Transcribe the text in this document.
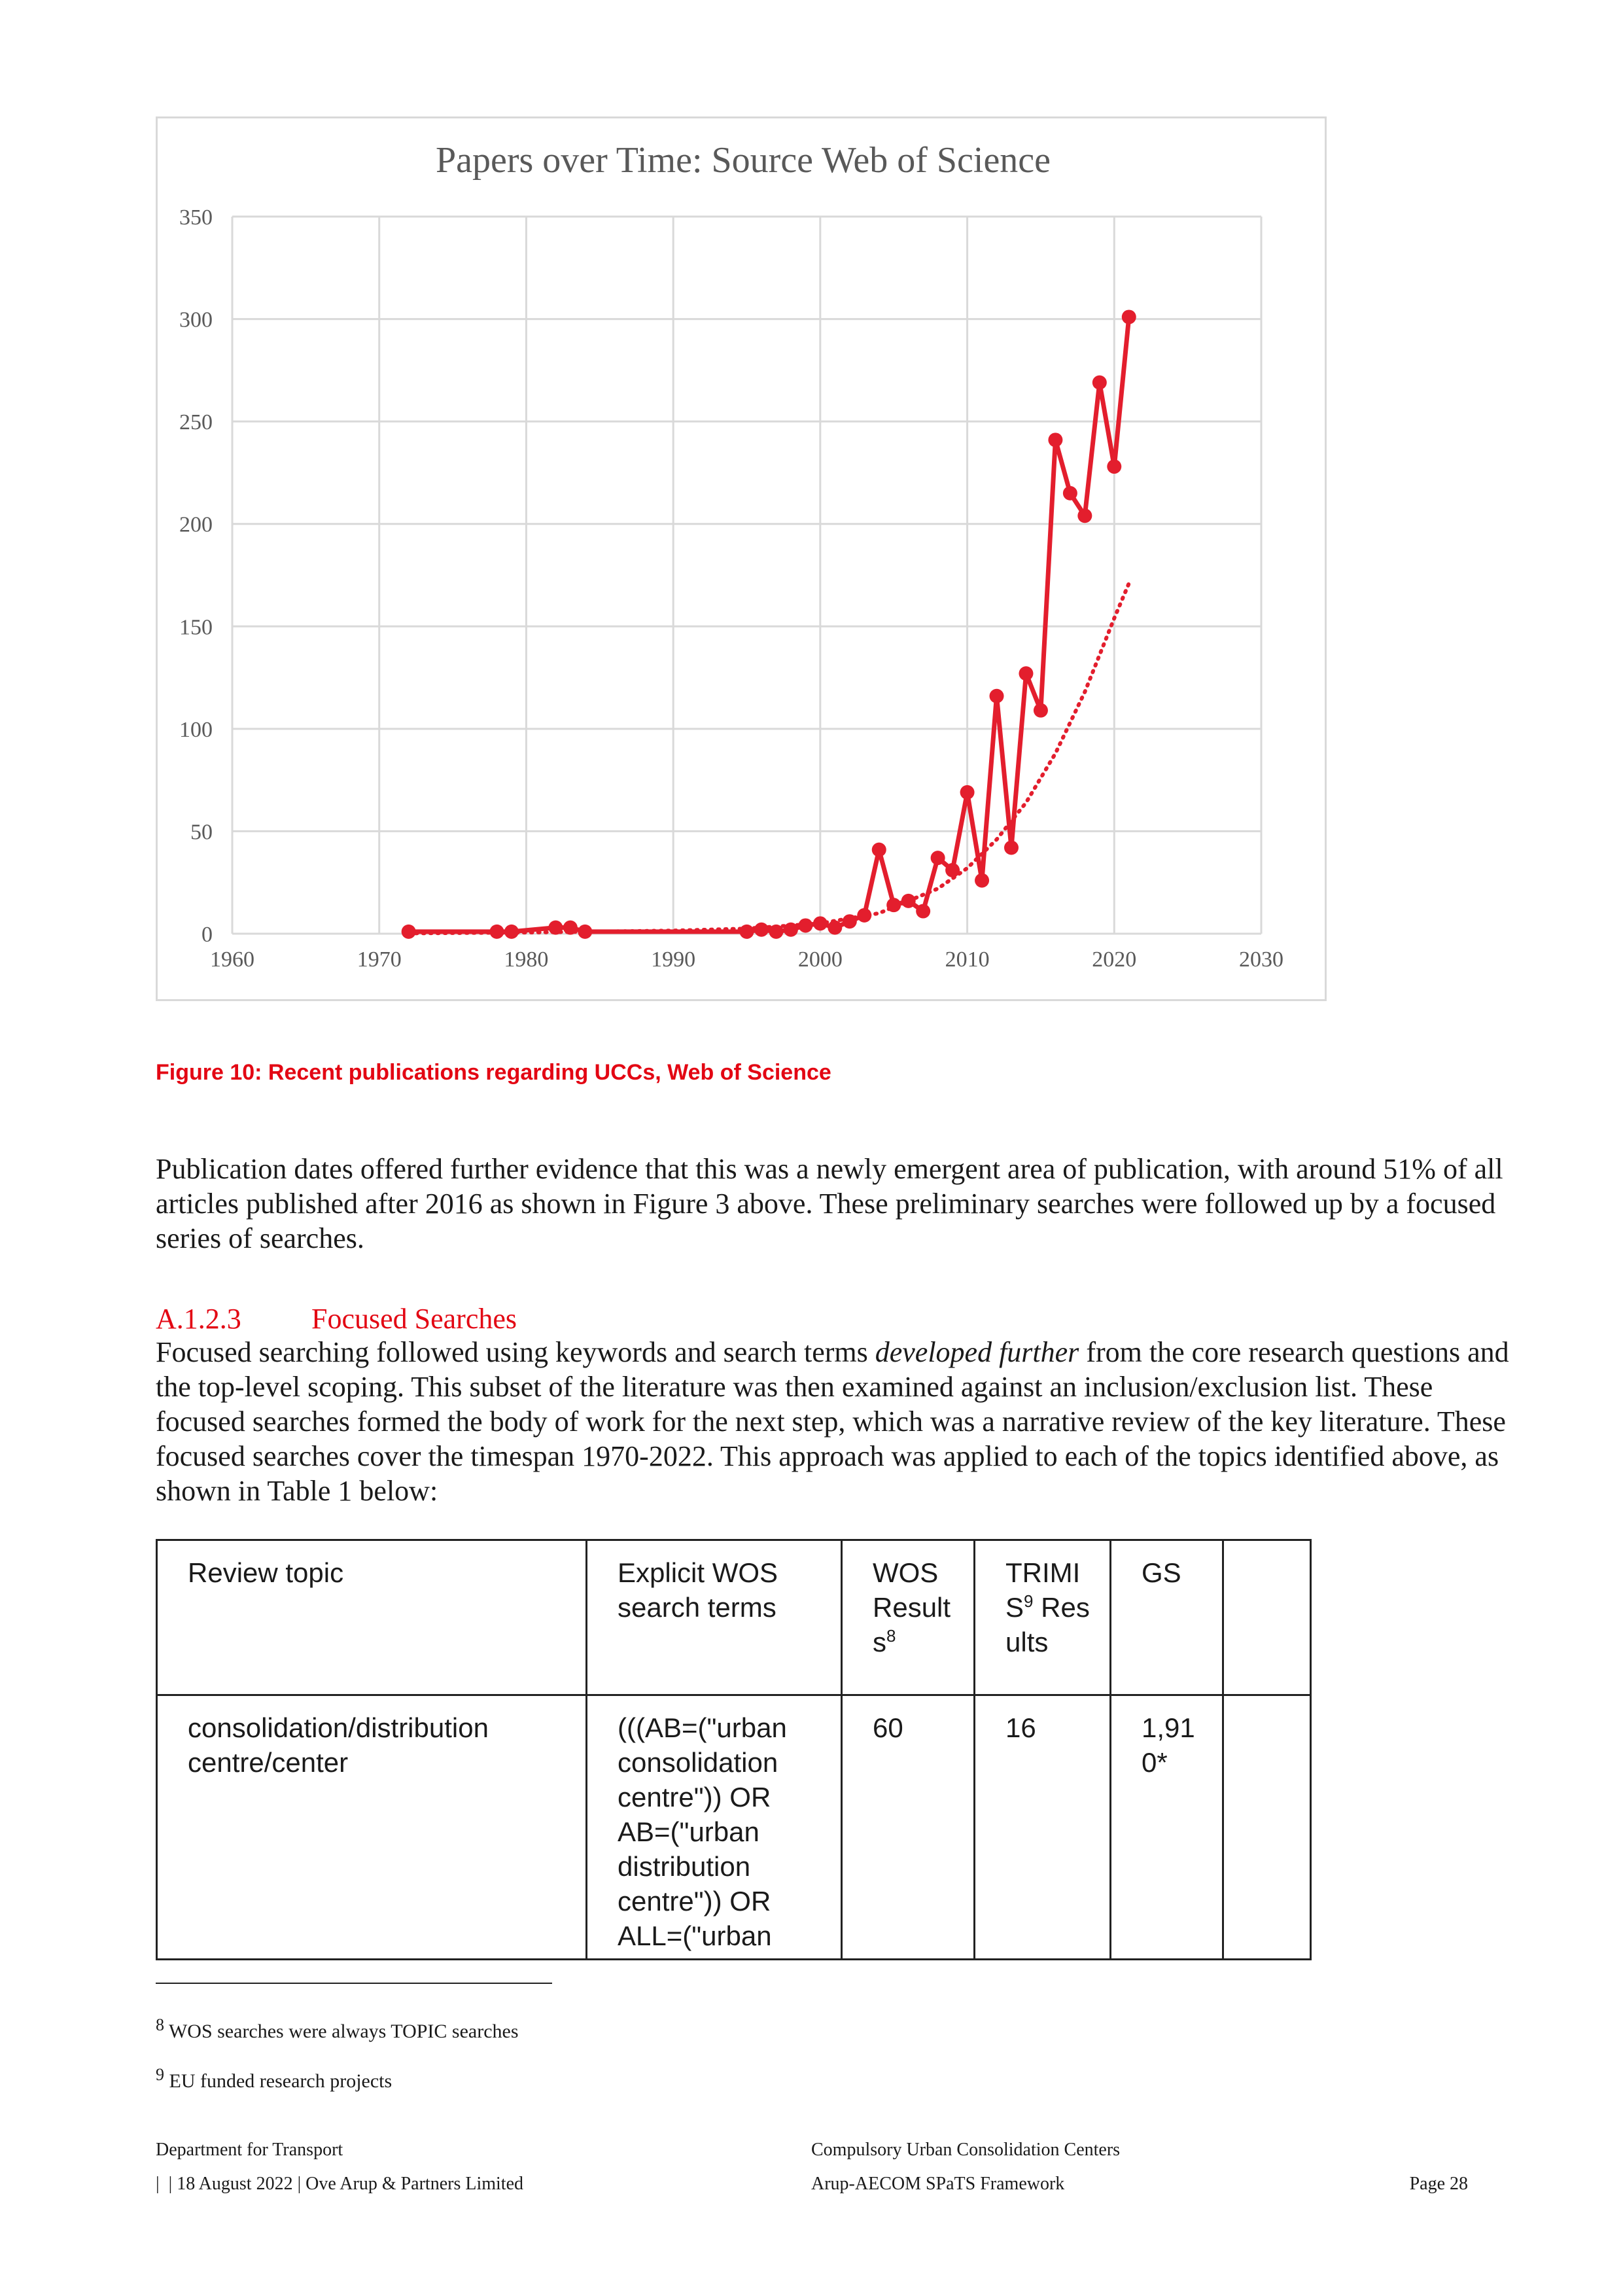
Papers over Time: Source Web of Science
1960	1970	1980	1990	2000	2010	2020	2030
0
50
100
150
200
250
300
350
Figure 10: Recent publications regarding UCCs, Web of Science
Publication dates offered further evidence that this was a newly emergent area of publication, with around 51% of all articles published after 2016 as shown in Figure 3 above. These preliminary searches were followed up by a focused series of searches.
A.1.2.3 Focused Searches
Focused searching followed using keywords and search terms developed further from the core research questions and the top-level scoping. This subset of the literature was then examined against an inclusion/exclusion list. These focused searches formed the body of work for the next step, which was a narrative review of the key literature. These focused searches cover the timespan 1970-2022. This approach was applied to each of the topics identified above, as shown in Table 1 below:
Review topic	Explicit WOS search terms	WOS Results$^8$	TRIMIS$^9$ Results	GS	
consolidation/distribution centre/center	(((AB=("urban consolidation centre")) OR AB=("urban distribution centre")) OR ALL=("urban	60	16	1,910*	
$^8$ WOS searches were always TOPIC searches
$^9$ EU funded research projects
Department for Transport
|  | 18 August 2022 | Ove Arup & Partners Limited
Compulsory Urban Consolidation Centers
Arup-AECOM SPaTS Framework	Page 28
